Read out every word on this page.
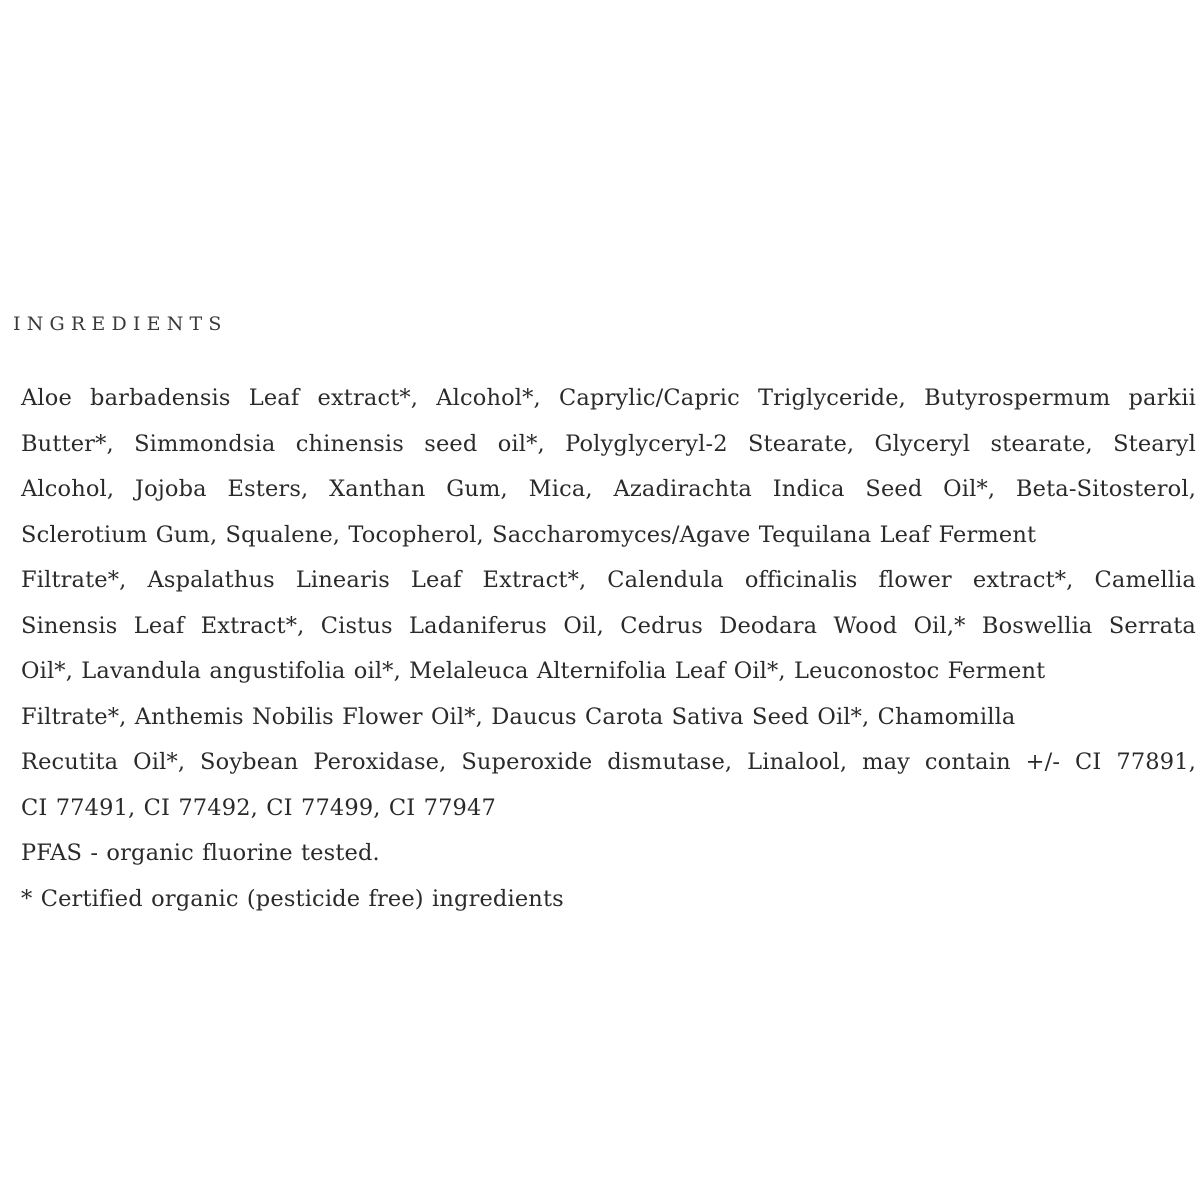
INGREDIENTS

Aloe barbadensis Leaf extract*, Alcohol*, Caprylic/Capric Triglyceride, Butyrospermum parkii

Butter*, Simmondsia chinensis seed oil*, Polyglyceryl-2 Stearate, Glyceryl stearate, Stearyl

Alcohol, Jojoba Esters, Xanthan Gum, Mica, Azadirachta Indica Seed Oil*, Beta-Sitosterol,

Sclerotium Gum, Squalene, Tocopherol, Saccharomyces/Agave Tequilana Leaf Ferment

Filtrate*, Aspalathus Linearis Leaf Extract*, Calendula officinalis flower extract*, Camellia

Sinensis Leaf Extract*, Cistus Ladaniferus Oil, Cedrus Deodara Wood Oil,* Boswellia Serrata

Oil*, Lavandula angustifolia oil*, Melaleuca Alternifolia Leaf Oil*, Leuconostoc Ferment

Filtrate*, Anthemis Nobilis Flower Oil*, Daucus Carota Sativa Seed Oil*, Chamomilla

Recutita Oil*, Soybean Peroxidase, Superoxide dismutase, Linalool, may contain +/- CI 77891,

CI 77491, CI 77492, CI 77499, CI 77947

PFAS - organic fluorine tested.

* Certified organic (pesticide free) ingredients
